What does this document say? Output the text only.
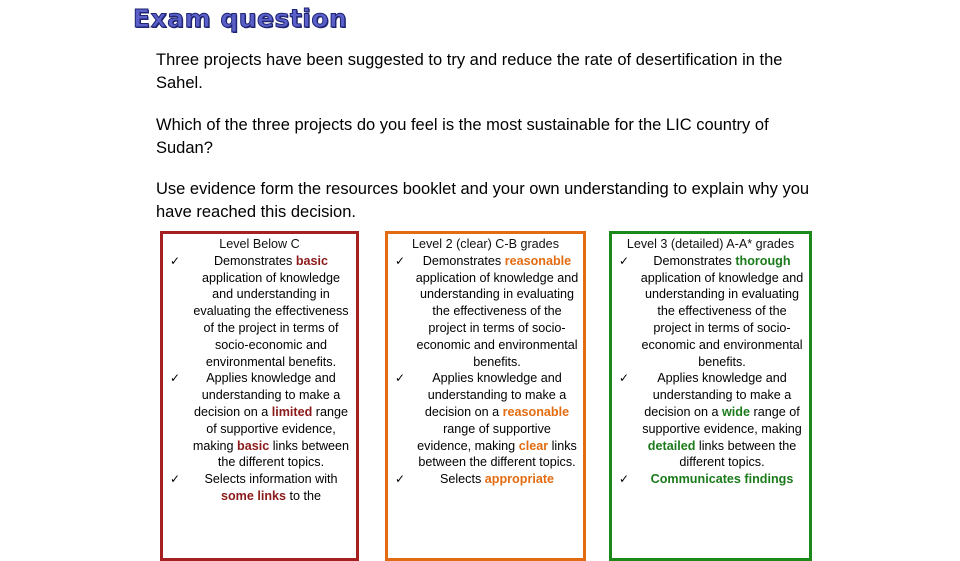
Exam question

Three projects have been suggested to try and reduce the rate of desertification in the Sahel.

Which of the three projects do you feel is the most sustainable for the LIC country of Sudan?

Use evidence form the resources booklet and your own understanding to explain why you have reached this decision.

Level Below C
✓	Demonstrates basic application of knowledge and understanding in evaluating the effectiveness of the project in terms of socio-economic and environmental benefits.
✓ Applies knowledge and understanding to make a decision on a limited range of supportive evidence, making basic links between the different topics.
✓ Selects information with some links to the
Level 2 (clear) C-B grades
✓ Demonstrates reasonable application of knowledge and understanding in evaluating the effectiveness of the project in terms of socio-economic and environmental benefits.
✓ Applies knowledge and understanding to make a decision on a reasonable range of supportive evidence, making clear links between the different topics.
✓	Selects appropriate
Level 3 (detailed) A-A* grades
✓ Demonstrates thorough application of knowledge and understanding in evaluating the effectiveness of the project in terms of socio-economic and environmental benefits.
✓ Applies knowledge and understanding to make a decision on a wide range of supportive evidence, making detailed links between the different topics.
✓ Communicates findings
